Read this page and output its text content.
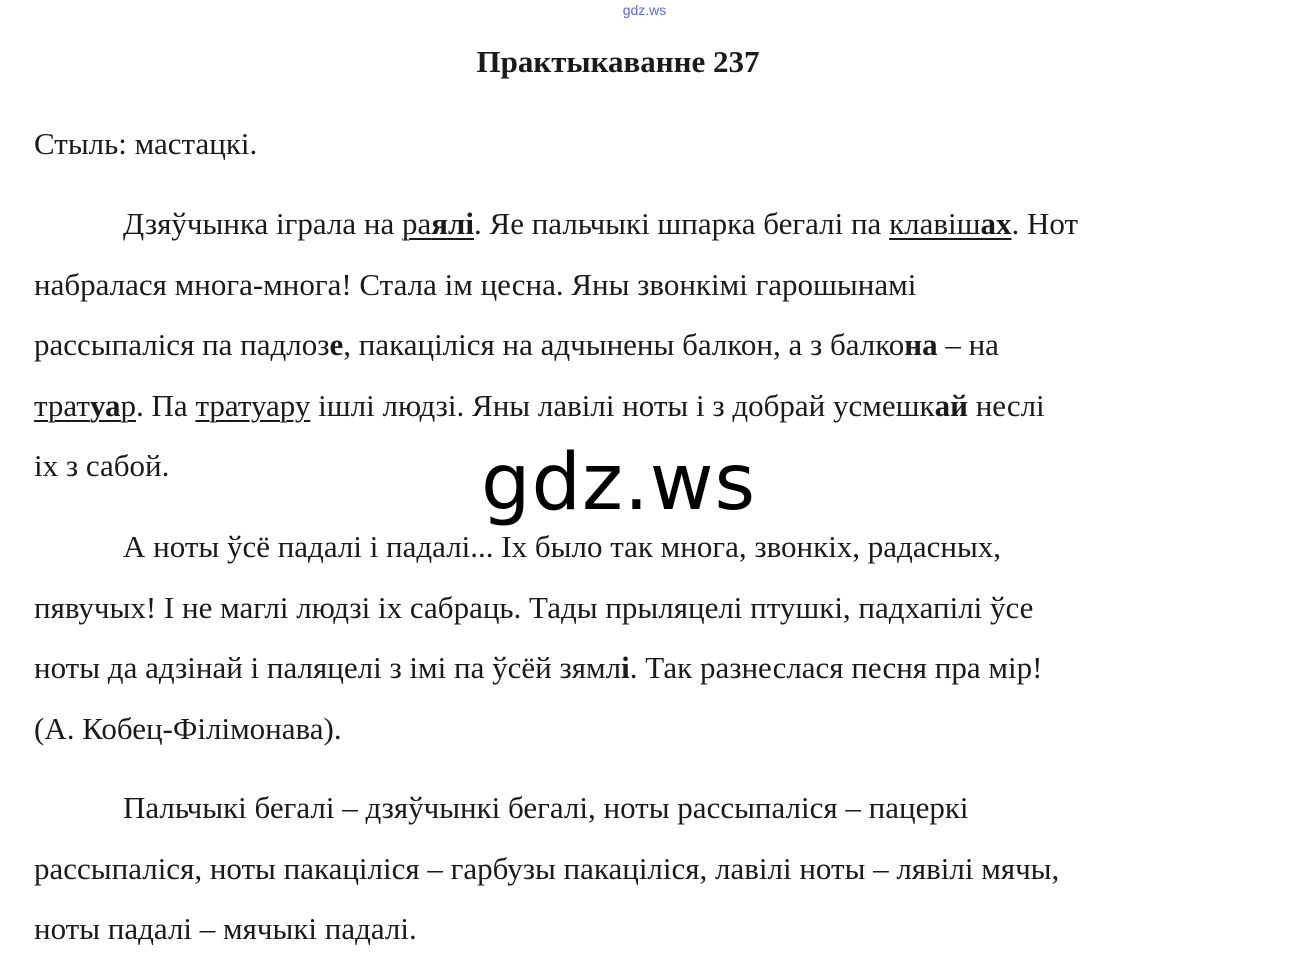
gdz.ws
Практыкаванне 237

Стыль: мастацкі.

Дзяўчынка іграла на раялі. Яе пальчыкі шпарка бегалі па клавішах. Нот
набралася многа-многа! Стала ім цесна. Яны звонкімі гарошынамі
рассыпаліся па падлозе, пакаціліся на адчынены балкон, а з балкона – на
тратуар. Па тратуару ішлі людзі. Яны лавілі ноты і з добрай усмешкай неслі
іх з сабой.
А ноты ўсё падалі і падалі... Іх было так многа, звонкіх, радасных,
пявучых! І не маглі людзі іх сабраць. Тады прыляцелі птушкі, падхапілі ўсе
ноты да адзінай і паляцелі з імі па ўсёй зямлі. Так разнеслася песня пра мір!
(А. Кобец-Філімонава).
Пальчыкі бегалі – дзяўчынкі бегалі, ноты рассыпаліся – пацеркі
рассыпаліся, ноты пакаціліся – гарбузы пакаціліся, лавілі ноты – лявілі мячы,
ноты падалі – мячыкі падалі.
gdz.ws
